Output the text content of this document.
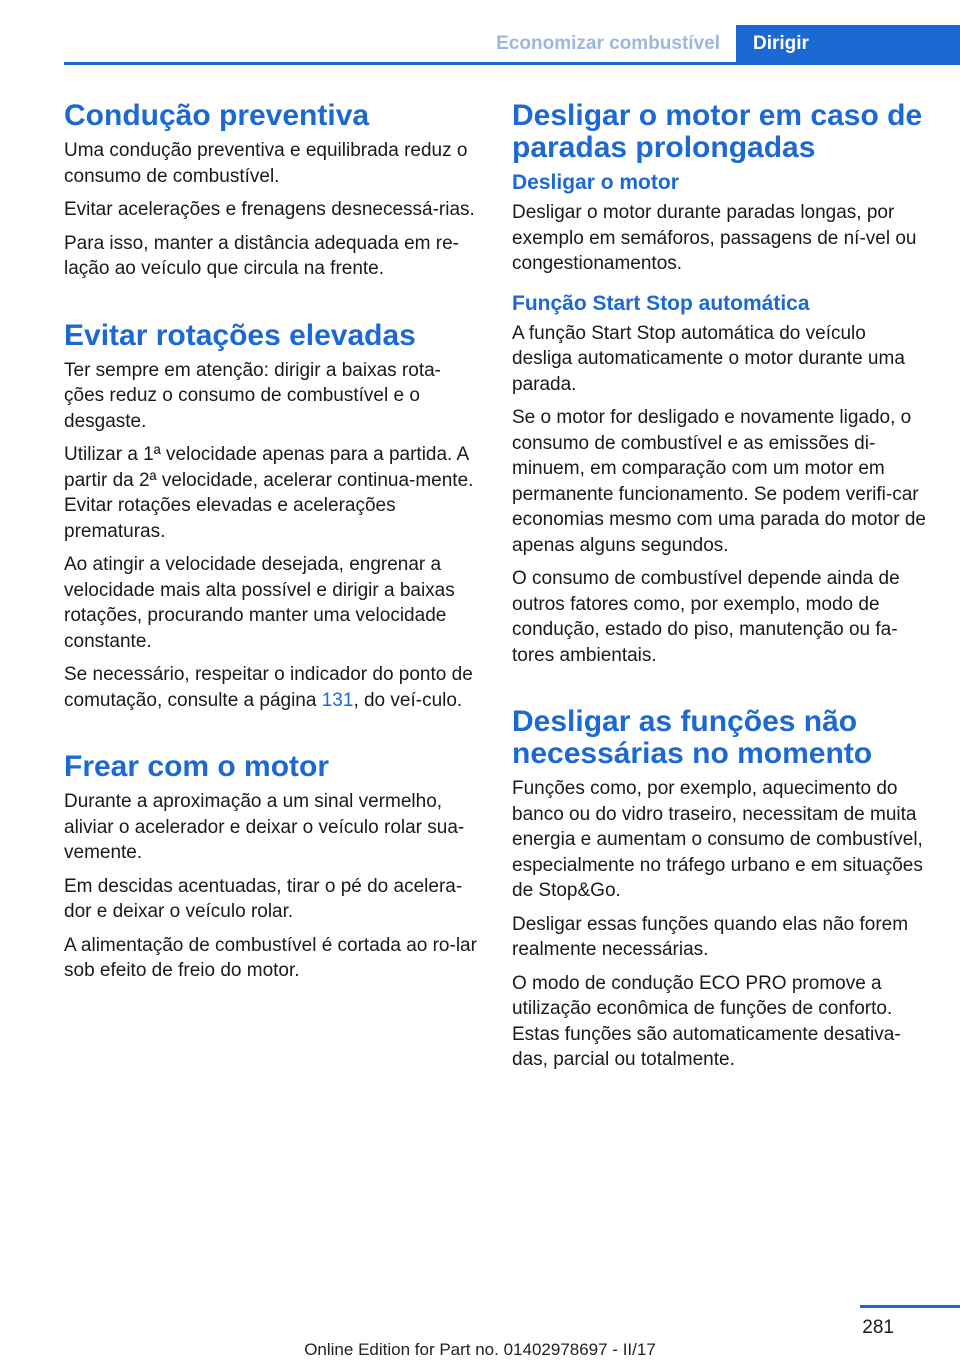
Economizar combustível	Dirigir
Condução preventiva

Uma condução preventiva e equilibrada reduz o consumo de combustível.

Evitar acelerações e frenagens desnecessá‐rias.

Para isso, manter a distância adequada em re‐lação ao veículo que circula na frente.

Evitar rotações elevadas

Ter sempre em atenção: dirigir a baixas rota‐ções reduz o consumo de combustível e o desgaste.

Utilizar a 1ª velocidade apenas para a partida. A partir da 2ª velocidade, acelerar continua‐mente. Evitar rotações elevadas e acelerações prematuras.

Ao atingir a velocidade desejada, engrenar a velocidade mais alta possível e dirigir a baixas rotações, procurando manter uma velocidade constante.

Se necessário, respeitar o indicador do ponto de comutação, consulte a página 131, do veí‐culo.

Frear com o motor

Durante a aproximação a um sinal vermelho, aliviar o acelerador e deixar o veículo rolar sua‐vemente.

Em descidas acentuadas, tirar o pé do acelera‐dor e deixar o veículo rolar.

A alimentação de combustível é cortada ao ro‐lar sob efeito de freio do motor.

Desligar o motor em caso de paradas prolongadas
Desligar o motor

Desligar o motor durante paradas longas, por exemplo em semáforos, passagens de ní‐vel ou congestionamentos.

Função Start Stop automática

A função Start Stop automática do veículo desliga automaticamente o motor durante uma parada.

Se o motor for desligado e novamente ligado, o consumo de combustível e as emissões di‐minuem, em comparação com um motor em permanente funcionamento. Se podem verifi‐car economias mesmo com uma parada do motor de apenas alguns segundos.

O consumo de combustível depende ainda de outros fatores como, por exemplo, modo de condução, estado do piso, manutenção ou fa‐tores ambientais.

Desligar as funções não necessárias no momento

Funções como, por exemplo, aquecimento do banco ou do vidro traseiro, necessitam de muita energia e aumentam o consumo de combustível, especialmente no tráfego urbano e em situações de Stop&Go.

Desligar essas funções quando elas não forem realmente necessárias.

O modo de condução ECO PRO promove a utilização econômica de funções de conforto. Estas funções são automaticamente desativa‐das, parcial ou totalmente.

281
Online Edition for Part no. 01402978697 - II/17
